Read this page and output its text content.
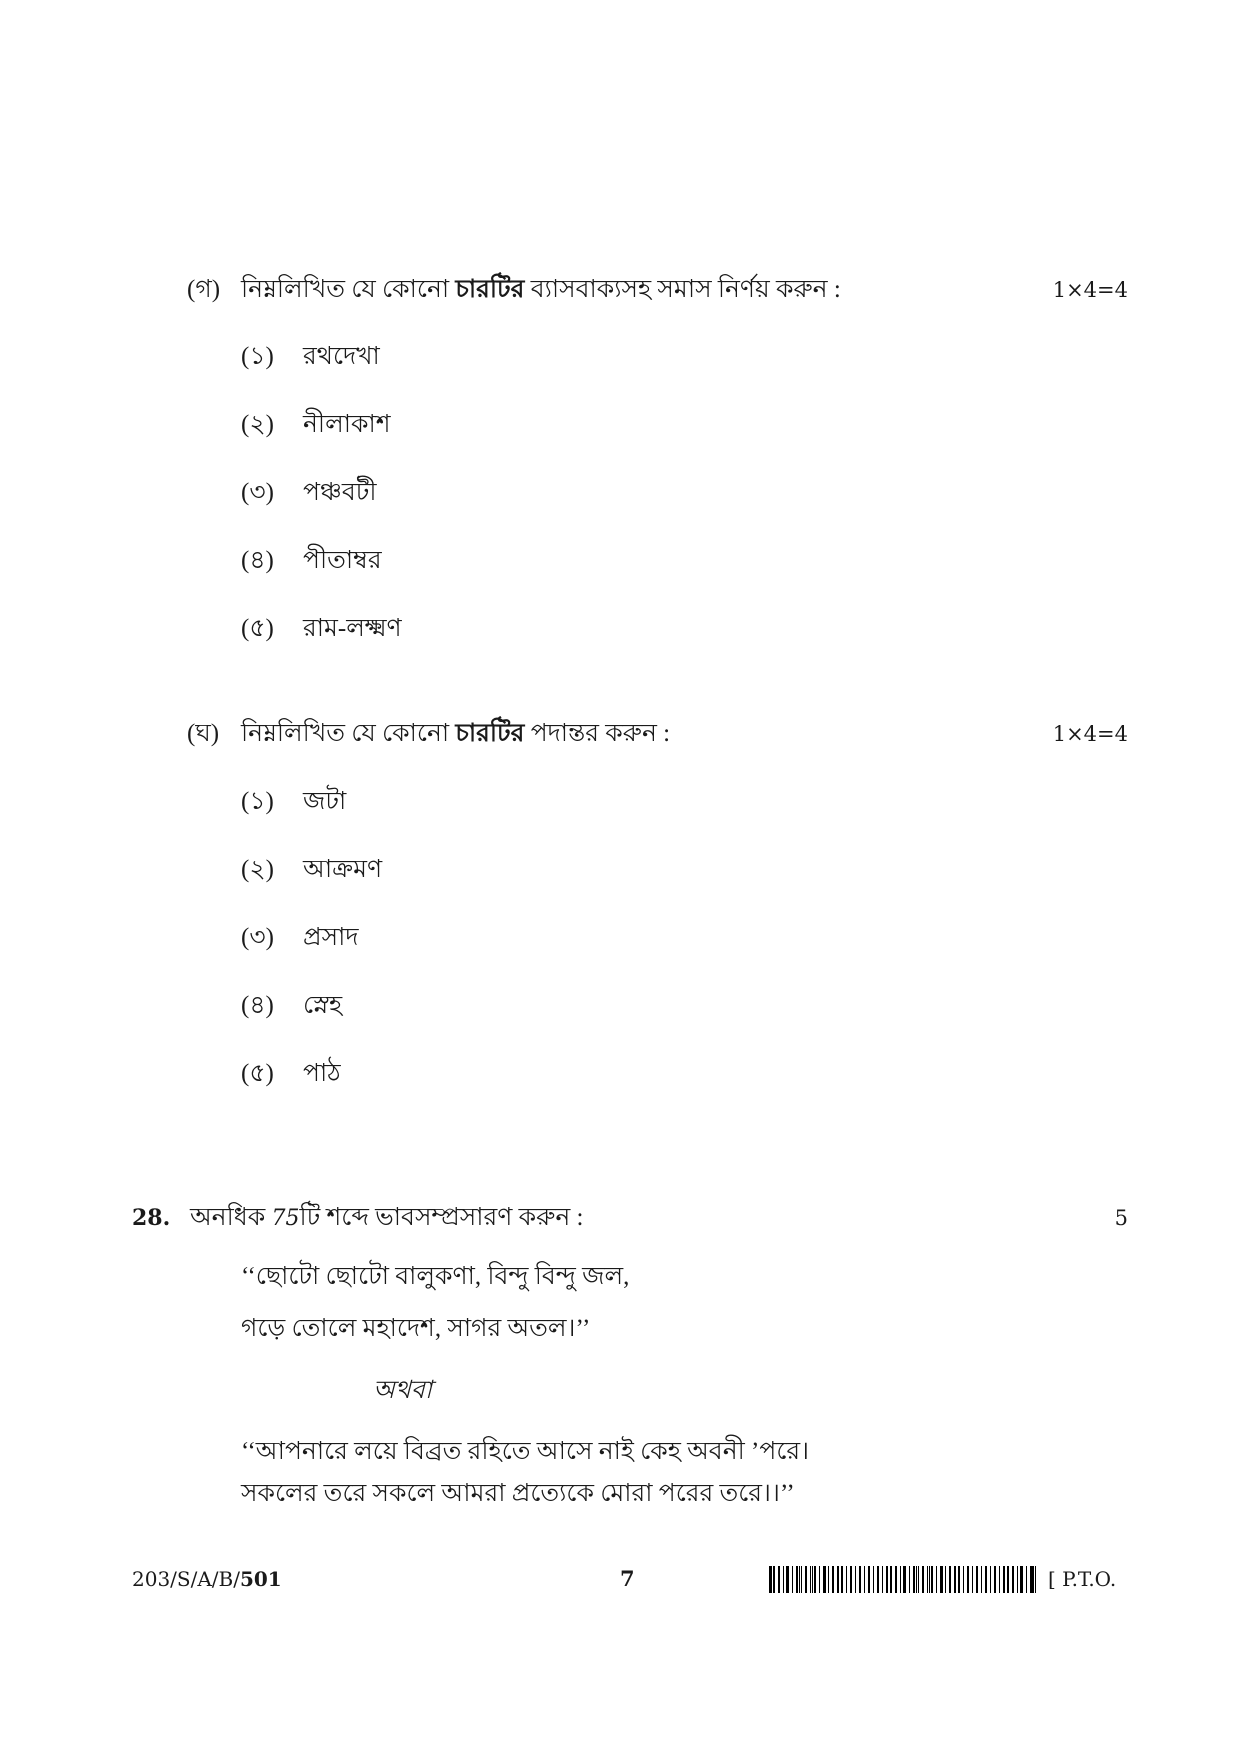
(গ) নিম্নলিখিত যে কোনো চারটির ব্যাসবাক্যসহ সমাস নির্ণয় করুন :	1×4=4
(১) রথদেখা
(২) নীলাকাশ
(৩) পঞ্চবটী
(৪) পীতাম্বর
(৫) রাম-লক্ষ্মণ
(ঘ) নিম্নলিখিত যে কোনো চারটির পদান্তর করুন :	1×4=4
(১) জটা
(২) আক্রমণ
(৩) প্রসাদ
(৪) স্নেহ
(৫) পাঠ
28. অনধিক 75টি শব্দে ভাবসম্প্রসারণ করুন :	5
‘‘ছোটো ছোটো বালুকণা, বিন্দু বিন্দু জল,
গড়ে তোলে মহাদেশ, সাগর অতল।’’
অথবা
‘‘আপনারে লয়ে বিব্রত রহিতে আসে নাই কেহ অবনী ’পরে।
সকলের তরে সকলে আমরা প্রত্যেকে মোরা পরের তরে।।’’
203/S/A/B/501	7	[ P.T.O.
